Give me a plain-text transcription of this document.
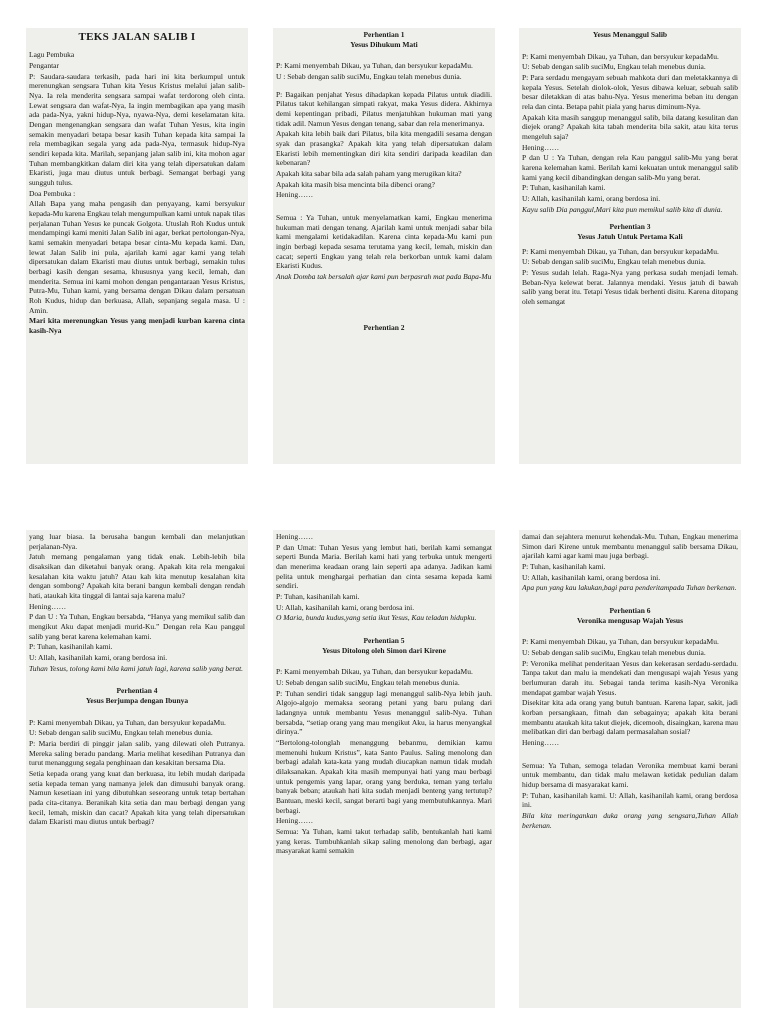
TEKS JALAN SALIB I

Lagu Pembuka

Pengantar

P: Saudara-saudara terkasih, pada hari ini kita berkumpul untuk merenungkan sengsara Tuhan kita Yesus Kristus melalui jalan salib-Nya. Ia rela menderita sengsara sampai wafat terdorong oleh cinta. Lewat sengsara dan wafat-Nya, Ia ingin membagikan apa yang masih ada pada-Nya, yakni hidup-Nya, nyawa-Nya, demi keselamatan kita. Dengan mengenangkan sengsara dan wafat Tuhan Yesus, kita ingin semakin menyadari betapa besar kasih Tuhan kepada kita sampai Ia rela membagikan segala yang ada pada-Nya, termasuk hidup-Nya sendiri kepada kita. Marilah, sepanjang jalan salib ini, kita mohon agar Tuhan membangkitkan dalam diri kita yang telah dipersatukan dalam Ekaristi, juga mau diutus untuk berbagi. Semangat berbagi yang sungguh tulus.

Doa Pembuka :

Allah Bapa yang maha pengasih dan penyayang, kami bersyukur kepada-Mu karena Engkau telah mengumpulkan kami untuk napak tilas perjalanan Tuhan Yesus ke puncak Golgota. Utuslah Roh Kudus untuk mendampingi kami meniti Jalan Salib ini agar, berkat pertolongan-Nya, kami semakin menyadari betapa besar cinta-Mu kepada kami. Dan, lewat Jalan Salib ini pula, ajarilah kami agar kami yang telah dipersatukan dalam Ekaristi mau diutus untuk berbagi, semakin tulus berbagi kasih dengan sesama, khususnya yang kecil, lemah, dan menderita. Semua ini kami mohon dengan pengantaraan Yesus Kristus, Putra-Mu, Tuhan kami, yang bersama dengan Dikau dalam persatuan Roh Kudus, hidup dan berkuasa, Allah, sepanjang segala masa. U : Amin.

Mari kita merenungkan Yesus yang menjadi kurban karena cinta kasih-Nya

Perhentian 1
Yesus Dihukum Mati

P: Kami menyembah Dikau, ya Tuhan, dan bersyukur kepadaMu.

U : Sebab dengan salib suciMu, Engkau telah menebus dunia.

P: Bagaikan penjahat Yesus dihadapkan kepada Pilatus untuk diadili. Pilatus takut kehilangan simpati rakyat, maka Yesus didera. Akhirnya demi kepentingan pribadi, Pilatus menjatuhkan hukuman mati yang tidak adil. Namun Yesus dengan tenang, sabar dan rela menerimanya.

Apakah kita lebih baik dari Pilatus, bila kita mengadili sesama dengan syak dan prasangka? Apakah kita yang telah dipersatukan dalam Ekaristi lebih mementingkan diri kita sendiri daripada keadilan dan kebenaran?

Apakah kita sabar bila ada salah paham yang merugikan kita?

Apakah kita masih bisa mencinta bila dibenci orang?

Hening……

Semua : Ya Tuhan, untuk menyelamatkan kami, Engkau menerima hukuman mati dengan tenang. Ajarilah kami untuk menjadi sabar bila kami mengalami ketidakadilan. Karena cinta kepada-Mu kami pun ingin berbagi kepada sesama terutama yang kecil, lemah, miskin dan cacat; seperti Engkau yang telah rela berkorban untuk kami dalam Ekaristi Kudus.

Anak Domba tak bersalah ajar kami pun berpasrah mat pada Bapa-Mu

Perhentian 2
Yesus Menanggul Salib

P: Kami menyembah Dikau, ya Tuhan, dan bersyukur kepadaMu.

U: Sebab dengan salib suciMu, Engkau telah menebus dunia.

P: Para serdadu mengayam sebuah mahkota duri dan meletakkannya di kepala Yesus. Setelah diolok-olok, Yesus dibawa keluar, sebuah salib besar diletakkan di atas bahu-Nya. Yesus menerima beban itu dengan rela dan cinta. Betapa pahit piala yang harus diminum-Nya.

Apakah kita masih sanggup menanggul salib, bila datang kesulitan dan diejek orang? Apakah kita tabah menderita bila sakit, atau kita terus mengeluh saja?

Hening……

P dan U : Ya Tuhan, dengan rela Kau panggul salib-Mu yang berat karena kelemahan kami. Berilah kami kekuatan untuk menanggul salib kami yang kecil dibandingkan dengan salib-Mu yang berat.

P: Tuhan, kasihanilah kami.

U: Allah, kasihanilah kami, orang berdosa ini.

Kayu salib Dia panggul,Mari kita pun memikul salib kita di dunia.

Perhentian 3
Yesus Jatuh Untuk Pertama Kali

P: Kami menyembah Dikau, ya Tuhan, dan bersyukur kepadaMu.

U: Sebab dengan salib suciMu, Engkau telah menebus dunia.

P: Yesus sudah lelah. Raga-Nya yang perkasa sudah menjadi lemah. Beban-Nya kelewat berat. Jalannya mendaki. Yesus jatuh di bawah salib yang berat itu. Tetapi Yesus tidak berhenti disitu. Karena ditopang oleh semangat

yang luar biasa. Ia berusaha bangun kembali dan melanjutkan perjalanan-Nya.

Jatuh memang pengalaman yang tidak enak. Lebih-lebih bila disaksikan dan diketahui banyak orang. Apakah kita rela mengakui kesalahan kita waktu jatuh? Atau kah kita menutup kesalahan kita dengan sombong? Apakah kita berani bangun kembali dengan rendah hati, ataukah kita tinggal di lantai saja karena malu?

Hening……

P dan U : Ya Tuhan, Engkau bersabda, “Hanya yang memikul salib dan mengikut Aku dapat menjadi murid-Ku.” Dengan rela Kau panggul salib yang berat karena kelemahan kami.

P: Tuhan, kasihanilah kami.

U: Allah, kasihanilah kami, orang berdosa ini.

Tuhan Yesus, tolong kami bila kami jatuh lagi, karena salib yang berat.

Perhentian 4
Yesus Berjumpa dengan Ibunya

P: Kami menyembah Dikau, ya Tuhan, dan bersyukur kepadaMu.

U: Sebab dengan salib suciMu, Engkau telah menebus dunia.

P: Maria berdiri di pinggir jalan salib, yang dilewati oleh Putranya. Mereka saling beradu pandang. Maria melihat kesedihan Putranya dan turut menanggung segala penghinaan dan kesakitan bersama Dia.

Setia kepada orang yang kuat dan berkuasa, itu lebih mudah daripada setia kepada teman yang namanya jelek dan dimusuhi banyak orang. Namun kesetiaan ini yang dibutuhkan seseorang untuk tetap bertahan pada cita-citanya. Beranikah kita setia dan mau berbagi dengan yang kecil, lemah, miskin dan cacat? Apakah kita yang telah dipersatukan dalam Ekaristi mau diutus untuk berbagi?

Hening……

P dan Umat: Tuhan Yesus yang lembut hati, berilah kami semangat seperti Bunda Maria. Berilah kami hati yang terbuka untuk mengerti dan menerima keadaan orang lain seperti apa adanya. Jadikan kami pelita untuk menghargai perhatian dan cinta sesama kepada kami sendiri.

P: Tuhan, kasihanilah kami.

U: Allah, kasihanilah kami, orang berdosa ini.

O Maria, bunda kudus,yang setia ikut Yesus, Kau teladan hidupku.

Perhentian 5
Yesus Ditolong oleh Simon dari Kirene

P: Kami menyembah Dikau, ya Tuhan, dan bersyukur kepadaMu.

U: Sebab dengan salib suciMu, Engkau telah menebus dunia.

P: Tuhan sendiri tidak sanggup lagi menanggul salib-Nya lebih jauh. Algojo-algojo memaksa seorang petani yang baru pulang dari ladangnya untuk membantu Yesus menanggul salib-Nya. Tuhan bersabda, “setiap orang yang mau mengikut Aku, ia harus menyangkal dirinya.”

“Bertolong-tolonglah menanggung bebanmu, demikian kamu memenuhi hukum Kristus”, kata Santo Paulus. Saling menolong dan berbagi adalah kata-kata yang mudah diucapkan namun tidak mudah dilaksanakan. Apakah kita masih mempunyai hati yang mau berbagi untuk pengemis yang lapar, orang yang berduka, teman yang terlalu banyak beban; ataukah hati kita sudah menjadi benteng yang tertutup? Bantuan, meski kecil, sangat berarti bagi yang membutuhkannya. Mari berbagi.

Hening……

Semua: Ya Tuhan, kami takut terhadap salib, bentukanlah hati kami yang keras. Tumbuhkanlah sikap saling menolong dan berbagi, agar masyarakat kami semakin

damai dan sejahtera menurut kehendak-Mu. Tuhan, Engkau menerima Simon dari Kirene untuk membantu menanggul salib bersama Dikau, ajarilah kami agar kami mau juga berbagi.

P: Tuhan, kasihanilah kami.

U: Allah, kasihanilah kami, orang berdosa ini.

Apa pun yang kau lakukan,bagi para penderitampada Tuhan berkenan.

Perhentian 6
Veronika mengusap Wajah Yesus

P: Kami menyembah Dikau, ya Tuhan, dan bersyukur kepadaMu.

U: Sebab dengan salib suciMu, Engkau telah menebus dunia.

P: Veronika melihat penderitaan Yesus dan kekerasan serdadu-serdadu. Tanpa takut dan malu ia mendekati dan mengusapi wajah Yesus yang berlumuran darah itu. Sebagai tanda terima kasih-Nya Veronika mendapat gambar wajah Yesus.

Disekitar kita ada orang yang butuh bantuan. Karena lapar, sakit, jadi korban persangkaan, fitnah dan sebagainya; apakah kita berani membantu ataukah kita takut diejek, dicemooh, disaingkan, karena mau melibatkan diri dan berbagi dalam permasalahan sosial?

Hening……

Semua: Ya Tuhan, semoga teladan Veronika membuat kami berani untuk membantu, dan tidak malu melawan ketidak pedulian dalam hidup bersama di masyarakat kami.

P: Tuhan, kasihanilah kami. U: Allah, kasihanilah kami, orang berdosa ini.

Bila kita meringankan duka orang yang sengsara,Tuhan Allah berkenan.
